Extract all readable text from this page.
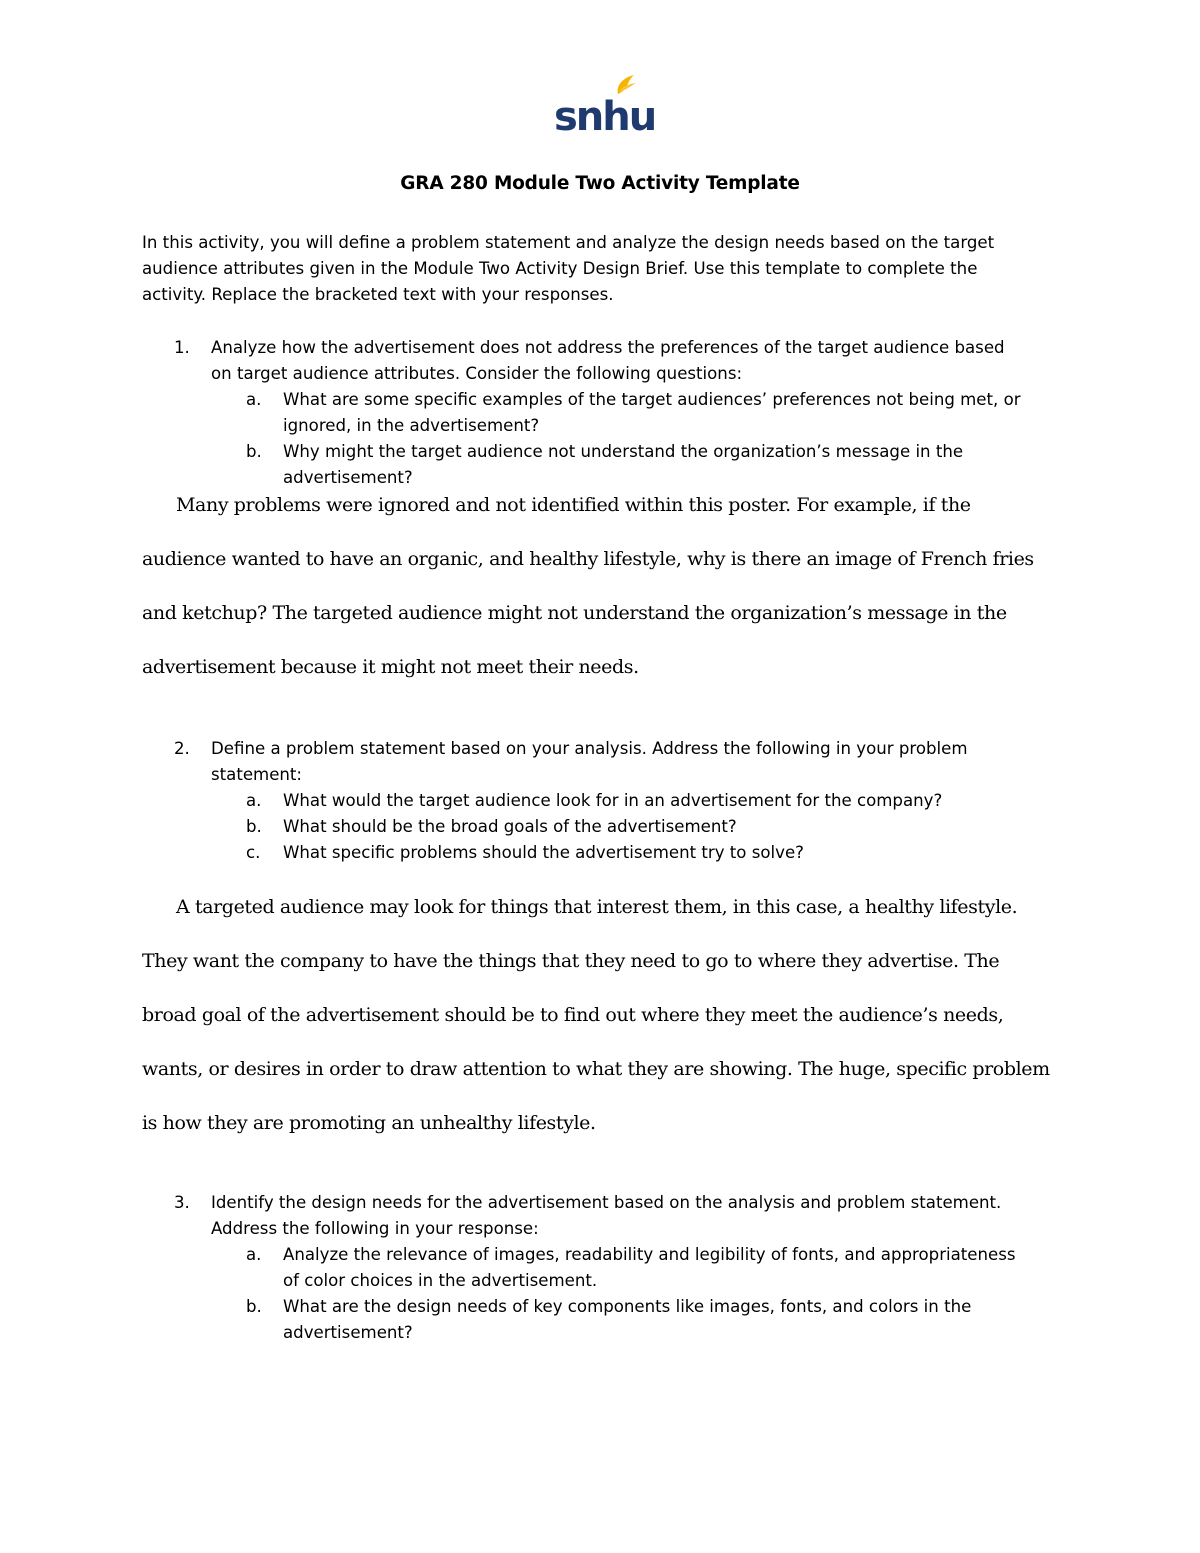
snhu
GRA 280 Module Two Activity Template
In this activity, you will define a problem statement and analyze the design needs based on the target
audience attributes given in the Module Two Activity Design Brief. Use this template to complete the
activity. Replace the bracketed text with your responses.
1. Analyze how the advertisement does not address the preferences of the target audience based
on target audience attributes. Consider the following questions:
a. What are some specific examples of the target audiences’ preferences not being met, or
ignored, in the advertisement?
b. Why might the target audience not understand the organization’s message in the
advertisement?
Many problems were ignored and not identified within this poster. For example, if the
audience wanted to have an organic, and healthy lifestyle, why is there an image of French fries
and ketchup? The targeted audience might not understand the organization’s message in the
advertisement because it might not meet their needs.
2. Define a problem statement based on your analysis. Address the following in your problem
statement:
a. What would the target audience look for in an advertisement for the company?
b. What should be the broad goals of the advertisement?
c. What specific problems should the advertisement try to solve?
A targeted audience may look for things that interest them, in this case, a healthy lifestyle.
They want the company to have the things that they need to go to where they advertise. The
broad goal of the advertisement should be to find out where they meet the audience’s needs,
wants, or desires in order to draw attention to what they are showing. The huge, specific problem
is how they are promoting an unhealthy lifestyle.
3. Identify the design needs for the advertisement based on the analysis and problem statement.
Address the following in your response:
a. Analyze the relevance of images, readability and legibility of fonts, and appropriateness
of color choices in the advertisement.
b. What are the design needs of key components like images, fonts, and colors in the
advertisement?
